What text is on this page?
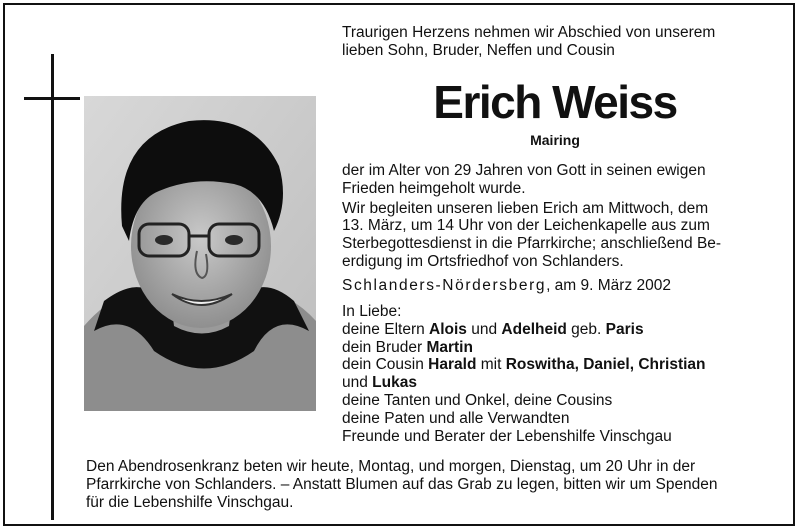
Traurigen Herzens nehmen wir Abschied von unserem
lieben Sohn, Bruder, Neffen und Cousin
Erich Weiss
Mairing
der im Alter von 29 Jahren von Gott in seinen ewigen
Frieden heimgeholt wurde.
Wir begleiten unseren lieben Erich am Mittwoch, dem
13. März, um 14 Uhr von der Leichenkapelle aus zum
Sterbegottesdienst in die Pfarrkirche; anschließend Be-
erdigung im Ortsfriedhof von Schlanders.
Schlanders-Nördersberg, am 9. März 2002
In Liebe:
deine Eltern Alois und Adelheid geb. Paris
dein Bruder Martin
dein Cousin Harald mit Roswitha, Daniel, Christian
und Lukas
deine Tanten und Onkel, deine Cousins
deine Paten und alle Verwandten
Freunde und Berater der Lebenshilfe Vinschgau
Den Abendrosenkranz beten wir heute, Montag, und morgen, Dienstag, um 20 Uhr in der
Pfarrkirche von Schlanders. – Anstatt Blumen auf das Grab zu legen, bitten wir um Spenden
für die Lebenshilfe Vinschgau.
